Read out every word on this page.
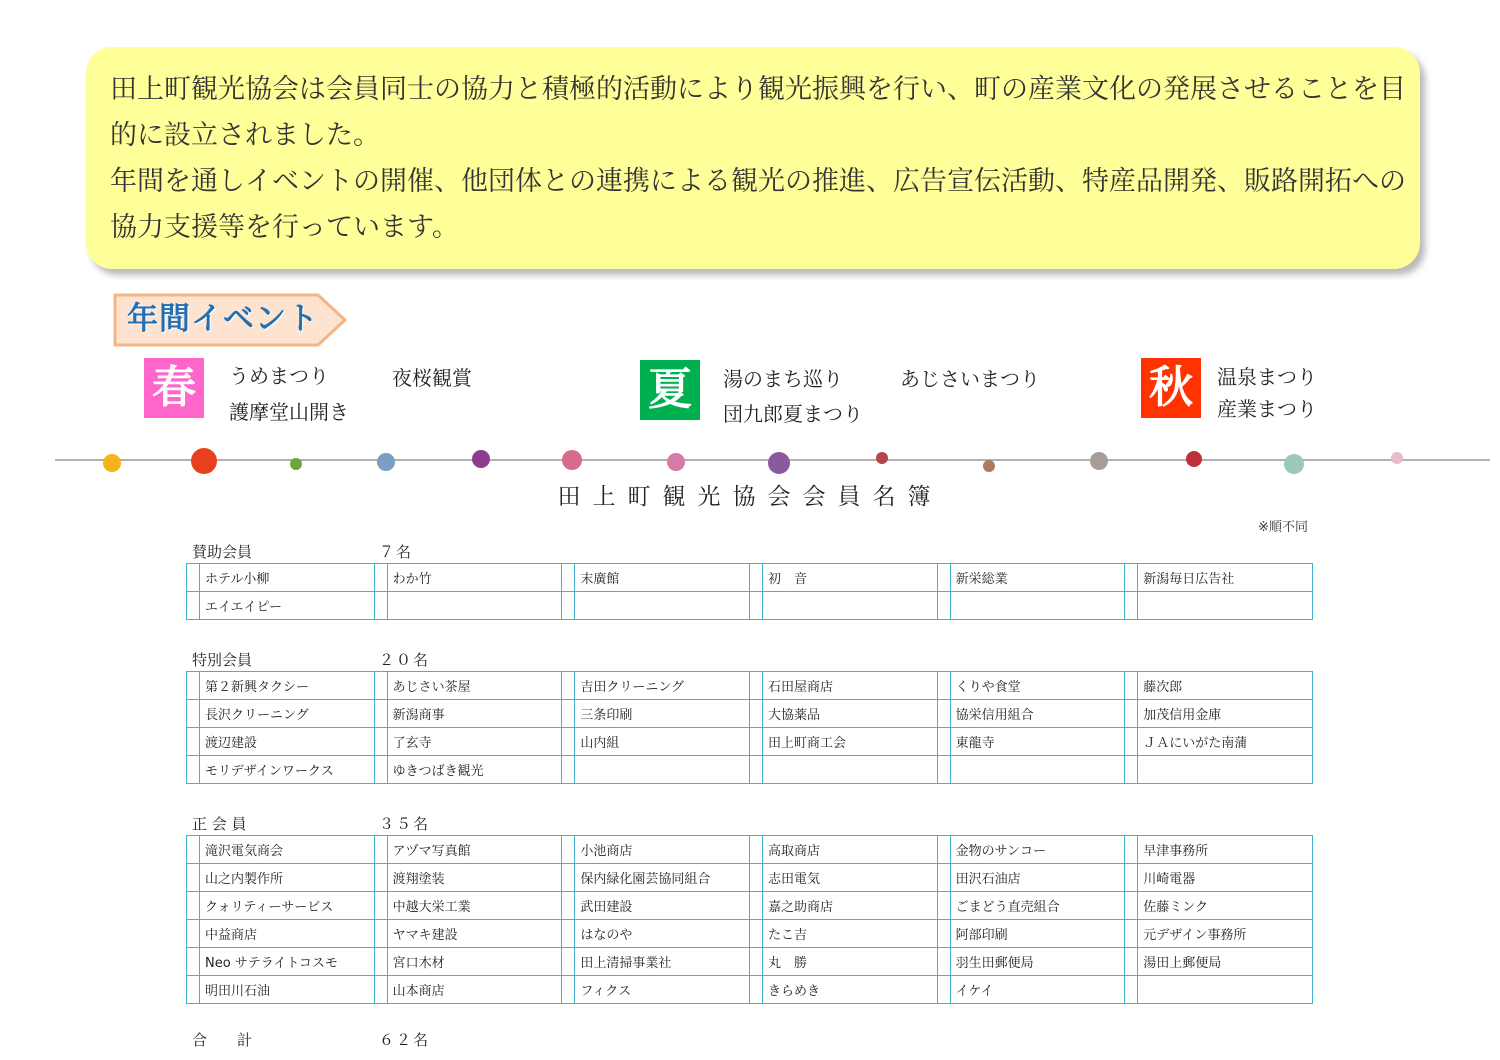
田上町観光協会は会員同士の協力と積極的活動により観光振興を行い、町の産業文化の発展させることを目的に設立されました。

年間を通しイベントの開催、他団体との連携による観光の推進、広告宣伝活動、特産品開発、販路開拓への協力支援等を行っています。

年間イベント
春	うめまつり
護摩堂山開き
夜桜観賞	夏	湯のまち巡り
団九郎夏まつり
あじさいまつり 秋	温泉まつり
産業まつり
田上町観光協会会員名簿
※順不同
賛助会員	７名
	ホテル小柳		わか竹		末廣館		初　音		新栄総業		新潟毎日広告社
	エイエイピー										
特別会員	２０名
	第２新興タクシー		あじさい茶屋		吉田クリーニング		石田屋商店		くりや食堂		藤次郎
	長沢クリーニング		新潟商事		三条印刷		大協薬品		協栄信用組合		加茂信用金庫
	渡辺建設		了玄寺		山内組		田上町商工会		東龍寺		ＪＡにいがた南蒲
	モリデザインワークス		ゆきつばき観光								
正 会 員	３５名
	滝沢電気商会		アヅマ写真館		小池商店		高取商店		金物のサンコー		早津事務所
	山之内製作所		渡翔塗装		保内緑化園芸協同組合		志田電気		田沢石油店		川崎電器
	クォリティーサービス		中越大栄工業		武田建設		嘉之助商店		ごまどう直売組合		佐藤ミンク
	中益商店		ヤマキ建設		はなのや		たこ吉		阿部印刷		元デザイン事務所
	Neo サテライトコスモ		宮口木材		田上清掃事業社		丸　勝		羽生田郵便局		湯田上郵便局
	明田川石油		山本商店		フィクス		きらめき		イケイ		
合　　計	６２名
